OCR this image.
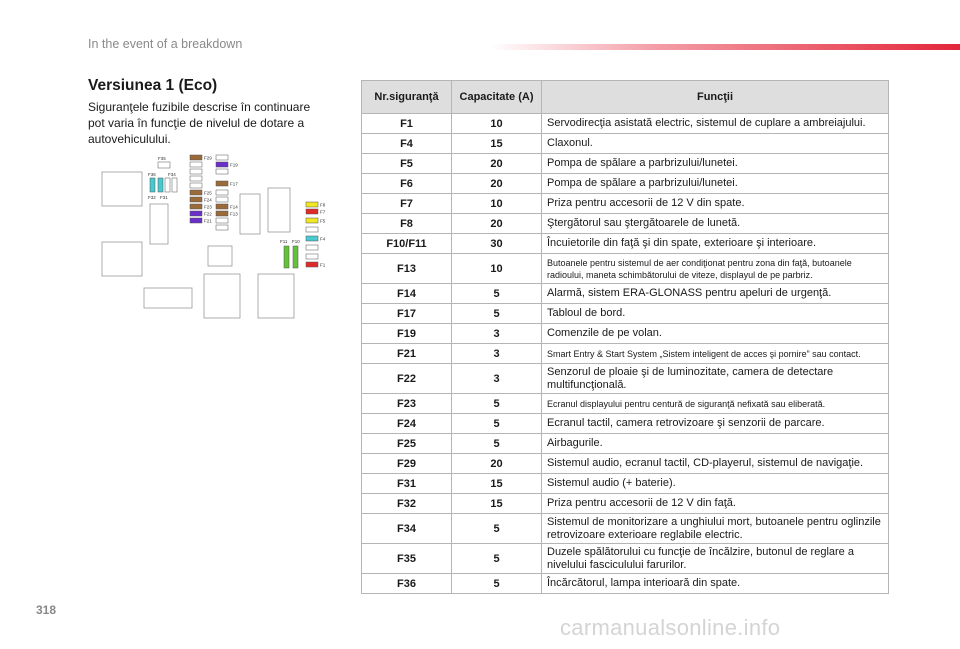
In the event of a breakdown
Versiunea 1 (Eco)

Siguranţele fuzibile descrise în continuare pot varia în funcţie de nivelul de dotare a autovehiculului.

F35
F36	F34
F32 F31
F29
F19
F17
F25
F24
F23	F14
F22	F13
F21
F8
F7
F5
F4
F1
F11 F10
Nr.siguranţă	Capacitate (A)	Funcţii
F1	10	Servodirecţia asistată electric, sistemul de cuplare a ambreiajului.
F4	15	Claxonul.
F5	20	Pompa de spălare a parbrizului/lunetei.
F6	20	Pompa de spălare a parbrizului/lunetei.
F7	10	Priza pentru accesorii de 12 V din spate.
F8	20	Ştergătorul sau ştergătoarele de lunetă.
F10/F11	30	Încuietorile din faţă şi din spate, exterioare şi interioare.
F13	10	Butoanele pentru sistemul de aer condiţionat pentru zona din faţă, butoanele radioului, maneta schimbătorului de viteze, displayul de pe parbriz.
F14	5	Alarmă, sistem ERA-GLONASS pentru apeluri de urgenţă.
F17	5	Tabloul de bord.
F19	3	Comenzile de pe volan.
F21	3	Smart Entry & Start System „Sistem inteligent de acces şi pornire” sau contact.
F22	3	Senzorul de ploaie şi de luminozitate, camera de detectare multifuncţională.
F23	5	Ecranul displayului pentru centură de siguranţă nefixată sau eliberată.
F24	5	Ecranul tactil, camera retrovizoare şi senzorii de parcare.
F25	5	Airbagurile.
F29	20	Sistemul audio, ecranul tactil, CD-playerul, sistemul de navigaţie.
F31	15	Sistemul audio (+ baterie).
F32	15	Priza pentru accesorii de 12 V din faţă.
F34	5	Sistemul de monitorizare a unghiului mort, butoanele pentru oglinzile retrovizoare exterioare reglabile electric.
F35	5	Duzele spălătorului cu funcţie de încălzire, butonul de reglare a nivelului fasciculului farurilor.
F36	5	Încărcătorul, lampa interioară din spate.
318
carmanualsonline.info
